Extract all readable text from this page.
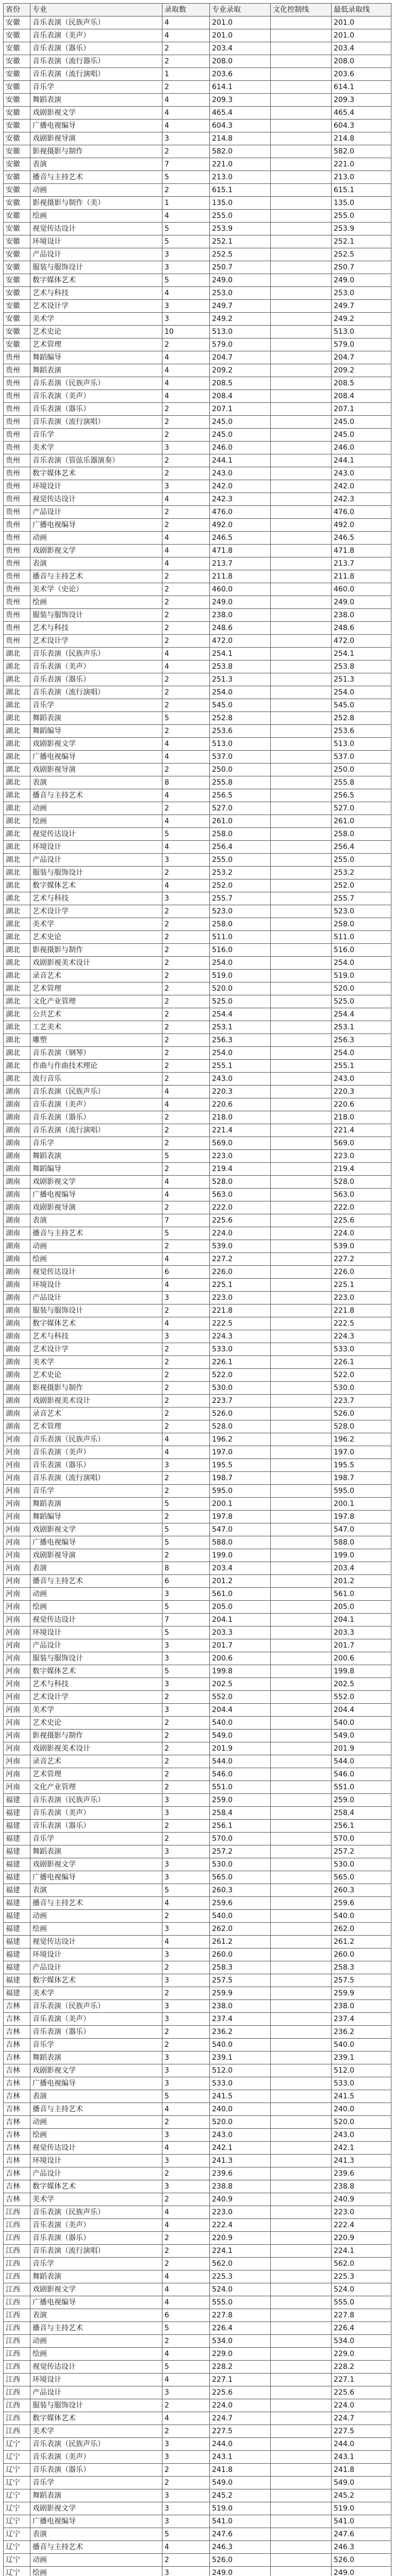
省份	专业	录取数	专业录取	文化控制线	最低录取线
安徽	音乐表演（民族声乐）	4	201.0		201.0
安徽	音乐表演（美声）	4	201.0		201.0
安徽	音乐表演（器乐）	2	203.4		203.4
安徽	音乐表演（流行器乐）	2	208.0		208.0
安徽	音乐表演（流行演唱）	1	203.6		203.6
安徽	音乐学	2	614.1		614.1
安徽	舞蹈表演	4	209.3		209.3
安徽	戏剧影视文学	4	465.4		465.4
安徽	广播电视编导	4	604.3		604.3
安徽	戏剧影视导演	3	214.8		214.8
安徽	影视摄影与制作	2	582.0		582.0
安徽	表演	7	221.0		221.0
安徽	播音与主持艺术	5	213.0		213.0
安徽	动画	2	615.1		615.1
安徽	影视摄影与制作（美）	1	135.0		135.0
安徽	绘画	4	255.0		255.0
安徽	视觉传达设计	5	253.9		253.9
安徽	环境设计	5	252.1		252.1
安徽	产品设计	3	252.5		252.5
安徽	服装与服饰设计	3	250.7		250.7
安徽	数字媒体艺术	5	249.0		249.0
安徽	艺术与科技	4	253.0		253.0
安徽	艺术设计学	3	249.7		249.7
安徽	美术学	3	249.2		249.2
安徽	艺术史论	10	513.0		513.0
安徽	艺术管理	2	579.0		579.0
贵州	舞蹈编导	4	204.7		204.7
贵州	舞蹈表演	4	209.2		209.2
贵州	音乐表演（民族声乐）	4	208.5		208.5
贵州	音乐表演（美声）	4	208.4		208.4
贵州	音乐表演（器乐）	2	207.1		207.1
贵州	音乐表演（流行演唱）	2	245.0		245.0
贵州	音乐学	2	245.0		245.0
贵州	美术学	3	246.0		246.0
贵州	音乐表演（管弦乐器演奏）	2	244.1		244.1
贵州	数字媒体艺术	2	243.0		243.0
贵州	环境设计	3	242.0		242.0
贵州	视觉传达设计	4	242.3		242.3
贵州	产品设计	2	476.0		476.0
贵州	广播电视编导	2	492.0		492.0
贵州	动画	4	246.5		246.5
贵州	戏剧影视文学	4	471.8		471.8
贵州	表演	4	213.7		213.7
贵州	播音与主持艺术	2	211.8		211.8
贵州	美术学（史论）	2	460.0		460.0
贵州	绘画	2	249.0		249.0
贵州	服装与服饰设计	2	238.0		238.0
贵州	艺术与科技	2	248.6		248.6
贵州	艺术设计学	2	472.0		472.0
湖北	音乐表演（民族声乐）	4	254.1		254.1
湖北	音乐表演（美声）	4	253.8		253.8
湖北	音乐表演（器乐）	2	251.3		251.3
湖北	音乐表演（流行演唱）	2	254.0		254.0
湖北	音乐学	2	545.0		545.0
湖北	舞蹈表演	5	252.8		252.8
湖北	舞蹈编导	2	253.6		253.6
湖北	戏剧影视文学	4	513.0		513.0
湖北	广播电视编导	4	537.0		537.0
湖北	戏剧影视导演	2	250.0		250.0
湖北	表演	8	255.8		255.8
湖北	播音与主持艺术	4	256.5		256.5
湖北	动画	2	527.0		527.0
湖北	绘画	4	261.0		261.0
湖北	视觉传达设计	5	258.0		258.0
湖北	环境设计	4	256.4		256.4
湖北	产品设计	3	255.0		255.0
湖北	服装与服饰设计	2	253.2		253.2
湖北	数字媒体艺术	4	252.0		252.0
湖北	艺术与科技	3	255.7		255.7
湖北	艺术设计学	2	523.0		523.0
湖北	美术学	2	258.0		258.0
湖北	艺术史论	2	511.0		511.0
湖北	影视摄影与制作	2	516.0		516.0
湖北	戏剧影视美术设计	2	254.0		254.0
湖北	录音艺术	2	519.0		519.0
湖北	艺术管理	2	520.0		520.0
湖北	文化产业管理	2	525.0		525.0
湖北	公共艺术	2	254.4		254.4
湖北	工艺美术	2	253.1		253.1
湖北	雕塑	2	256.3		256.3
湖北	音乐表演（钢琴）	2	254.0		254.0
湖北	作曲与作曲技术理论	2	255.1		255.1
湖北	流行音乐	2	243.0		243.0
湖南	音乐表演（民族声乐）	4	220.3		220.3
湖南	音乐表演（美声）	4	220.6		220.6
湖南	音乐表演（器乐）	2	218.0		218.0
湖南	音乐表演（流行演唱）	2	221.4		221.4
湖南	音乐学	2	569.0		569.0
湖南	舞蹈表演	5	223.0		223.0
湖南	舞蹈编导	2	219.4		219.4
湖南	戏剧影视文学	4	528.0		528.0
湖南	广播电视编导	4	563.0		563.0
湖南	戏剧影视导演	2	222.0		222.0
湖南	表演	7	225.6		225.6
湖南	播音与主持艺术	5	224.0		224.0
湖南	动画	2	539.0		539.0
湖南	绘画	4	227.2		227.2
湖南	视觉传达设计	6	226.0		226.0
湖南	环境设计	4	225.1		225.1
湖南	产品设计	3	223.0		223.0
湖南	服装与服饰设计	2	221.8		221.8
湖南	数字媒体艺术	4	222.5		222.5
湖南	艺术与科技	3	224.3		224.3
湖南	艺术设计学	2	533.0		533.0
湖南	美术学	2	226.1		226.1
湖南	艺术史论	2	522.0		522.0
湖南	影视摄影与制作	2	530.0		530.0
湖南	戏剧影视美术设计	2	223.7		223.7
湖南	录音艺术	2	526.0		526.0
湖南	艺术管理	2	528.0		528.0
河南	音乐表演（民族声乐）	4	196.2		196.2
河南	音乐表演（美声）	4	197.0		197.0
河南	音乐表演（器乐）	3	195.5		195.5
河南	音乐表演（流行演唱）	2	198.7		198.7
河南	音乐学	2	595.0		595.0
河南	舞蹈表演	5	200.1		200.1
河南	舞蹈编导	2	197.8		197.8
河南	戏剧影视文学	5	547.0		547.0
河南	广播电视编导	5	588.0		588.0
河南	戏剧影视导演	2	199.0		199.0
河南	表演	8	203.4		203.4
河南	播音与主持艺术	6	201.2		201.2
河南	动画	3	561.0		561.0
河南	绘画	5	205.0		205.0
河南	视觉传达设计	7	204.1		204.1
河南	环境设计	5	203.3		203.3
河南	产品设计	3	201.7		201.7
河南	服装与服饰设计	3	200.6		200.6
河南	数字媒体艺术	5	199.8		199.8
河南	艺术与科技	3	202.5		202.5
河南	艺术设计学	2	552.0		552.0
河南	美术学	3	204.4		204.4
河南	艺术史论	2	540.0		540.0
河南	影视摄影与制作	2	549.0		549.0
河南	戏剧影视美术设计	2	201.9		201.9
河南	录音艺术	2	544.0		544.0
河南	艺术管理	2	546.0		546.0
河南	文化产业管理	2	551.0		551.0
福建	音乐表演（民族声乐）	3	259.0		259.0
福建	音乐表演（美声）	3	258.4		258.4
福建	音乐表演（器乐）	2	256.1		256.1
福建	音乐学	2	570.0		570.0
福建	舞蹈表演	3	257.2		257.2
福建	戏剧影视文学	3	530.0		530.0
福建	广播电视编导	3	565.0		565.0
福建	表演	5	260.3		260.3
福建	播音与主持艺术	4	259.6		259.6
福建	动画	2	540.0		540.0
福建	绘画	3	262.0		262.0
福建	视觉传达设计	4	261.2		261.2
福建	环境设计	3	260.0		260.0
福建	产品设计	2	258.3		258.3
福建	数字媒体艺术	3	257.5		257.5
福建	美术学	2	259.9		259.9
吉林	音乐表演（民族声乐）	3	238.0		238.0
吉林	音乐表演（美声）	3	237.4		237.4
吉林	音乐表演（器乐）	2	236.2		236.2
吉林	音乐学	2	540.0		540.0
吉林	舞蹈表演	3	239.1		239.1
吉林	戏剧影视文学	3	512.0		512.0
吉林	广播电视编导	3	533.0		533.0
吉林	表演	5	241.5		241.5
吉林	播音与主持艺术	4	240.0		240.0
吉林	动画	2	520.0		520.0
吉林	绘画	3	243.0		243.0
吉林	视觉传达设计	4	242.1		242.1
吉林	环境设计	3	241.3		241.3
吉林	产品设计	2	239.6		239.6
吉林	数字媒体艺术	3	238.8		238.8
吉林	美术学	2	240.9		240.9
江西	音乐表演（民族声乐）	4	223.0		223.0
江西	音乐表演（美声）	4	222.4		222.4
江西	音乐表演（器乐）	2	220.9		220.9
江西	音乐表演（流行演唱）	2	224.1		224.1
江西	音乐学	2	562.0		562.0
江西	舞蹈表演	4	225.3		225.3
江西	戏剧影视文学	4	524.0		524.0
江西	广播电视编导	4	555.0		555.0
江西	表演	6	227.8		227.8
江西	播音与主持艺术	5	226.4		226.4
江西	动画	2	534.0		534.0
江西	绘画	4	229.0		229.0
江西	视觉传达设计	5	228.2		228.2
江西	环境设计	4	227.1		227.1
江西	产品设计	3	225.6		225.6
江西	服装与服饰设计	2	224.0		224.0
江西	数字媒体艺术	4	224.7		224.7
江西	美术学	2	227.5		227.5
辽宁	音乐表演（民族声乐）	3	244.0		244.0
辽宁	音乐表演（美声）	3	243.1		243.1
辽宁	音乐表演（器乐）	2	241.8		241.8
辽宁	音乐学	2	549.0		549.0
辽宁	舞蹈表演	3	245.2		245.2
辽宁	戏剧影视文学	3	519.0		519.0
辽宁	广播电视编导	3	541.0		541.0
辽宁	表演	5	247.6		247.6
辽宁	播音与主持艺术	4	246.3		246.3
辽宁	动画	2	526.0		526.0
辽宁	绘画	3	249.0		249.0
